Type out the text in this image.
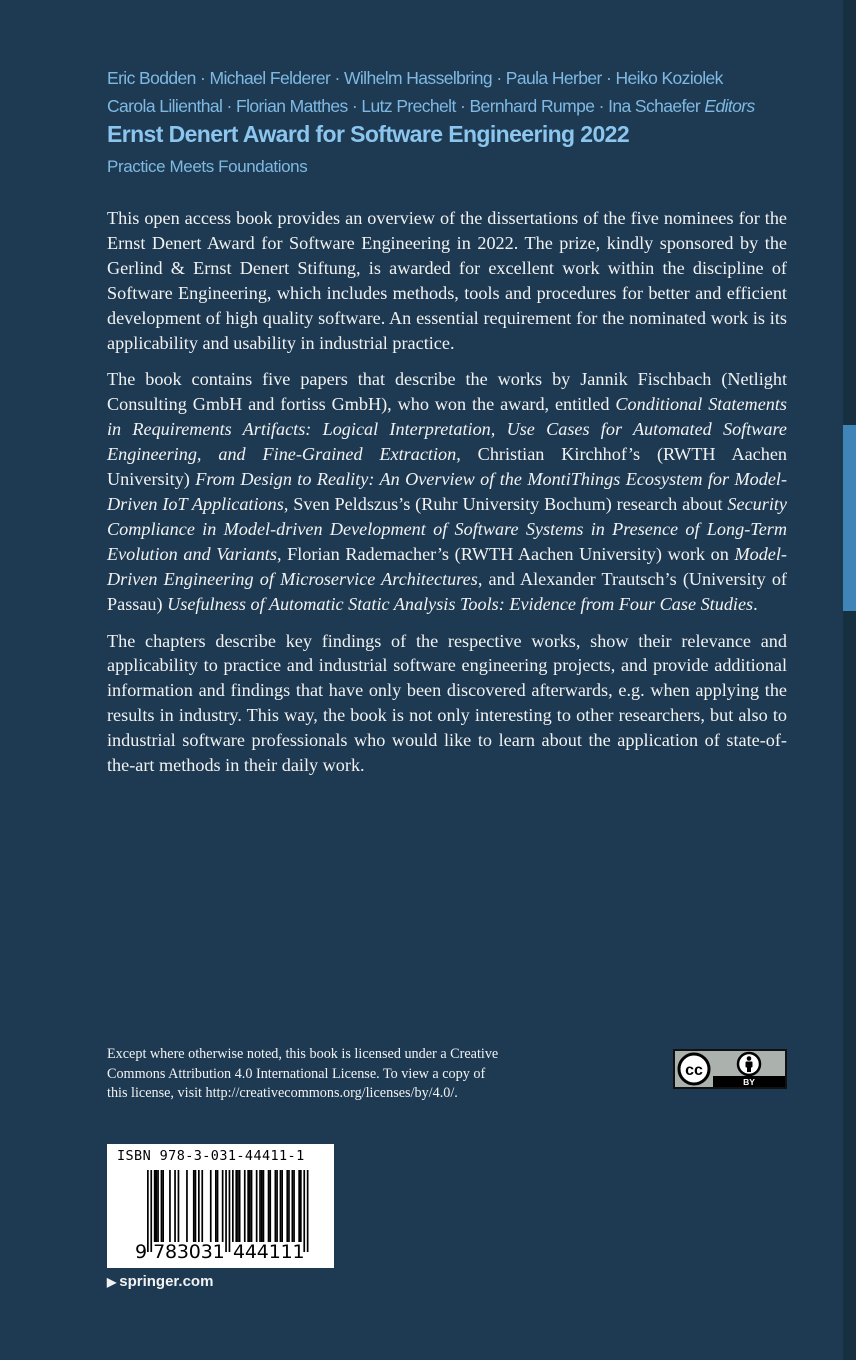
Eric Bodden · Michael Felderer · Wilhelm Hasselbring · Paula Herber · Heiko Koziolek
Carola Lilienthal · Florian Matthes · Lutz Prechelt · Bernhard Rumpe · Ina Schaefer Editors
Ernst Denert Award for Software Engineering 2022
Practice Meets Foundations

This open access book provides an overview of the dissertations of the five nominees for the Ernst Denert Award for Software Engineering in 2022. The prize, kindly sponsored by the Gerlind & Ernst Denert Stiftung, is awarded for excellent work within the discipline of Software Engineering, which includes methods, tools and procedures for better and efficient development of high quality software. An essential requirement for the nominated work is its applicability and usability in industrial practice.

The book contains five papers that describe the works by Jannik Fischbach (Netlight Consulting GmbH and fortiss GmbH), who won the award, entitled Conditional Statements in Requirements Artifacts: Logical Interpretation, Use Cases for Automated Software Engineering, and Fine-Grained Extraction, Christian Kirchhof’s (RWTH Aachen University) From Design to Reality: An Overview of the MontiThings Ecosystem for Model-Driven IoT Applications, Sven Peldszus’s (Ruhr University Bochum) research about Security Compliance in Model-driven Development of Software Systems in Presence of Long-Term Evolution and Variants, Florian Rademacher’s (RWTH Aachen University) work on Model-Driven Engineering of Microservice Architectures, and Alexander Trautsch’s (University of Passau) Usefulness of Automatic Static Analysis Tools: Evidence from Four Case Studies.

The chapters describe key findings of the respective works, show their relevance and applicability to practice and industrial software engineering projects, and provide additional information and findings that have only been discovered afterwards, e.g. when applying the results in industry. This way, the book is not only interesting to other researchers, but also to industrial software professionals who would like to learn about the application of state-of-the-art methods in their daily work.

Except where otherwise noted, this book is licensed under a Creative
Commons Attribution 4.0 International License. To view a copy of
this license, visit http://creativecommons.org/licenses/by/4.0/.
cc
BY
ISBN 978-3-031-44411-1
9 7 8 3 0 3 1 4 4 4 1 1 1
▶ springer.com
